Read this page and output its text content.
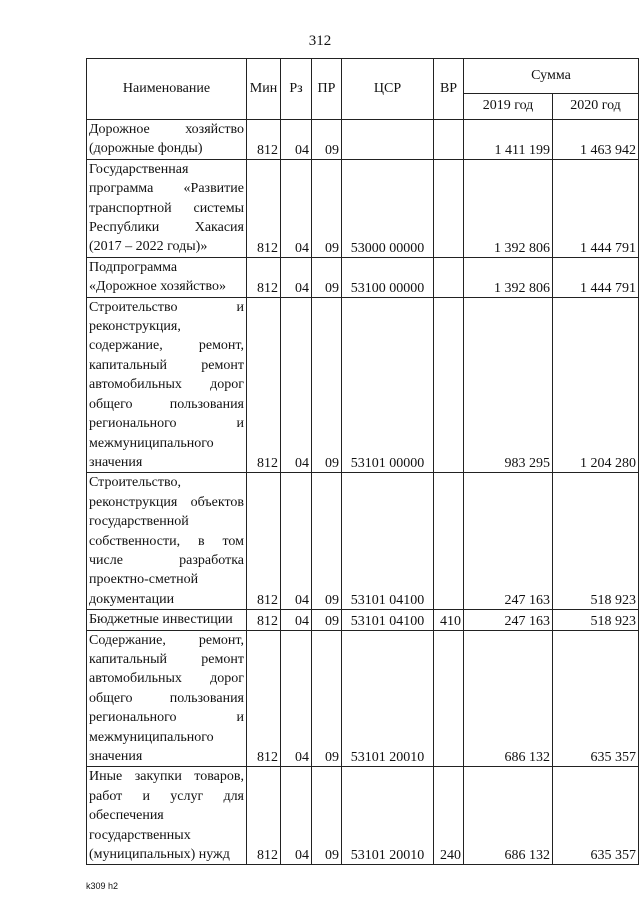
312
Наименование	Мин	Рз	ПР	ЦСР	ВР	Сумма	
						2019 год	2020 год
Дорожное хозяйство (дорожные фонды)	812	04	09			1 411 199	1 463 942
Государственная программа «Развитие транспортной системы Республики Хакасия (2017 – 2022 годы)»	812	04	09	53000 00000		1 392 806	1 444 791
Подпрограмма «Дорожное хозяйство»	812	04	09	53100 00000		1 392 806	1 444 791
Строительство и реконструкция, содержание, ремонт, капитальный ремонт автомобильных дорог общего пользования регионального и межмуниципального значения	812	04	09	53101 00000		983 295	1 204 280
Строительство, реконструкция объектов государственной собственности, в том числе разработка проектно-сметной документации	812	04	09	53101 04100		247 163	518 923
Бюджетные инвестиции	812	04	09	53101 04100	410	247 163	518 923
Содержание, ремонт, капитальный ремонт автомобильных дорог общего пользования регионального и межмуниципального значения	812	04	09	53101 20010		686 132	635 357
Иные закупки товаров, работ и услуг для обеспечения государственных (муниципальных) нужд	812	04	09	53101 20010	240	686 132	635 357
k309 h2
